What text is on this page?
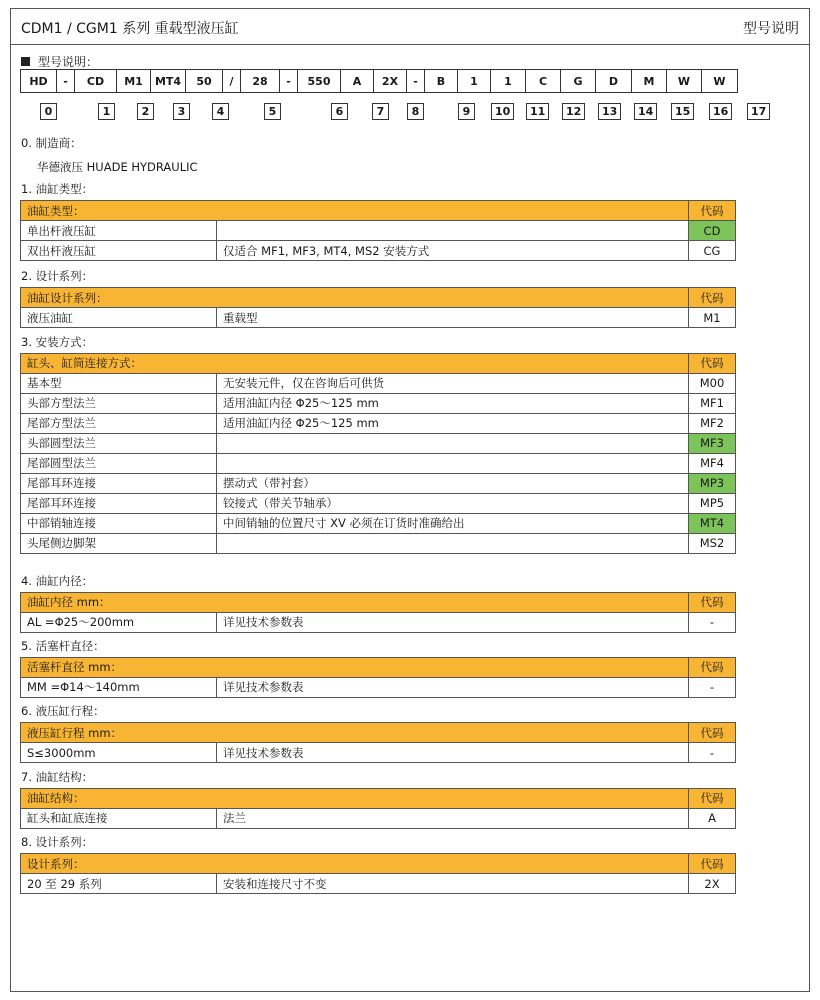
CDM1 / CGM1 系列 重载型液压缸	型号说明
型号说明：
HD	-	CD	M1	MT4	50	/	28	-	550	A	2X	-	B	1	1	C	G	D	M	W	W
0	1	2	3	4	5	6	7	8	9	10	11	12	13	14	15	16	17
0. 制造商：
华德液压 HUADE HYDRAULIC
1. 油缸类型：
油缸类型：		代码
单出杆液压缸		CD
双出杆液压缸	仅适合 MF1, MF3, MT4, MS2 安装方式	CG
2. 设计系列：
油缸设计系列：		代码
液压油缸	重载型	M1
3. 安装方式：
缸头、缸筒连接方式：		代码
基本型	无安装元件，仅在咨询后可供货	M00
头部方型法兰	适用油缸内径 Φ25～125 mm	MF1
尾部方型法兰	适用油缸内径 Φ25～125 mm	MF2
头部圆型法兰		MF3
尾部圆型法兰		MF4
尾部耳环连接	摆动式（带衬套）	MP3
尾部耳环连接	铰接式（带关节轴承）	MP5
中部销轴连接	中间销轴的位置尺寸 XV 必须在订货时准确给出	MT4
头尾侧边脚架		MS2
4. 油缸内径：
油缸内径 mm：		代码
AL =Φ25～200mm	详见技术参数表	-
5. 活塞杆直径：
活塞杆直径 mm：		代码
MM =Φ14～140mm	详见技术参数表	-
6. 液压缸行程：
液压缸行程 mm：		代码
S≤3000mm	详见技术参数表	-
7. 油缸结构：
油缸结构：		代码
缸头和缸底连接	法兰	A
8. 设计系列：
设计系列：		代码
20 至 29 系列	安装和连接尺寸不变	2X
